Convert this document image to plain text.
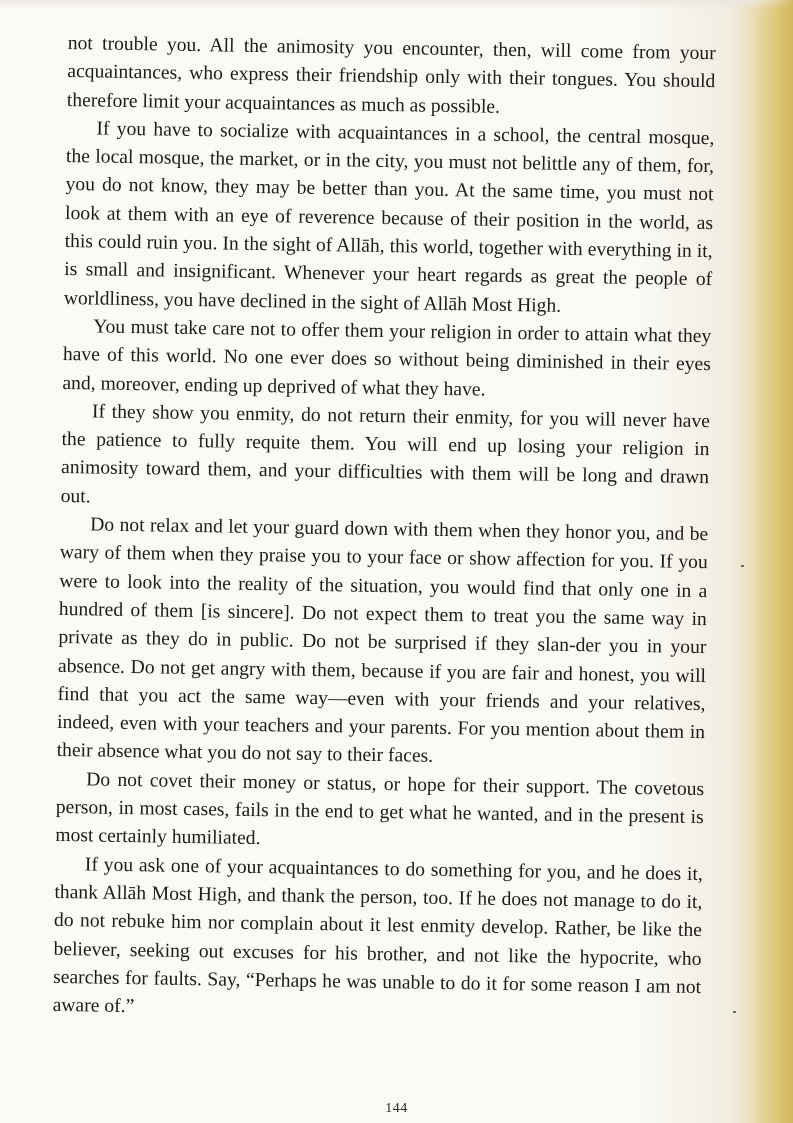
not trouble you. All the animosity you encounter, then, will come from your acquaintances, who express their friendship only with their tongues. You should therefore limit your acquaintances as much as possible.

If you have to socialize with acquaintances in a school, the central mosque, the local mosque, the market, or in the city, you must not belittle any of them, for, you do not know, they may be better than you. At the same time, you must not look at them with an eye of reverence because of their position in the world, as this could ruin you. In the sight of Allāh, this world, together with everything in it, is small and insignificant. Whenever your heart regards as great the people of worldliness, you have declined in the sight of Allāh Most High.

You must take care not to offer them your religion in order to attain what they have of this world. No one ever does so without being diminished in their eyes and, moreover, ending up deprived of what they have.

If they show you enmity, do not return their enmity, for you will never have the patience to fully requite them. You will end up losing your religion in animosity toward them, and your difficulties with them will be long and drawn out.

Do not relax and let your guard down with them when they honor you, and be wary of them when they praise you to your face or show affection for you. If you were to look into the reality of the situation, you would find that only one in a hundred of them [is sincere]. Do not expect them to treat you the same way in private as they do in public. Do not be surprised if they slan-der you in your absence. Do not get angry with them, because if you are fair and honest, you will find that you act the same way—even with your friends and your relatives, indeed, even with your teachers and your parents. For you mention about them in their absence what you do not say to their faces.

Do not covet their money or status, or hope for their support. The covetous person, in most cases, fails in the end to get what he wanted, and in the present is most certainly humiliated.

If you ask one of your acquaintances to do something for you, and he does it, thank Allāh Most High, and thank the person, too. If he does not manage to do it, do not rebuke him nor complain about it lest enmity develop. Rather, be like the believer, seeking out excuses for his brother, and not like the hypocrite, who searches for faults. Say, “Perhaps he was unable to do it for some reason I am not aware of.”

144
